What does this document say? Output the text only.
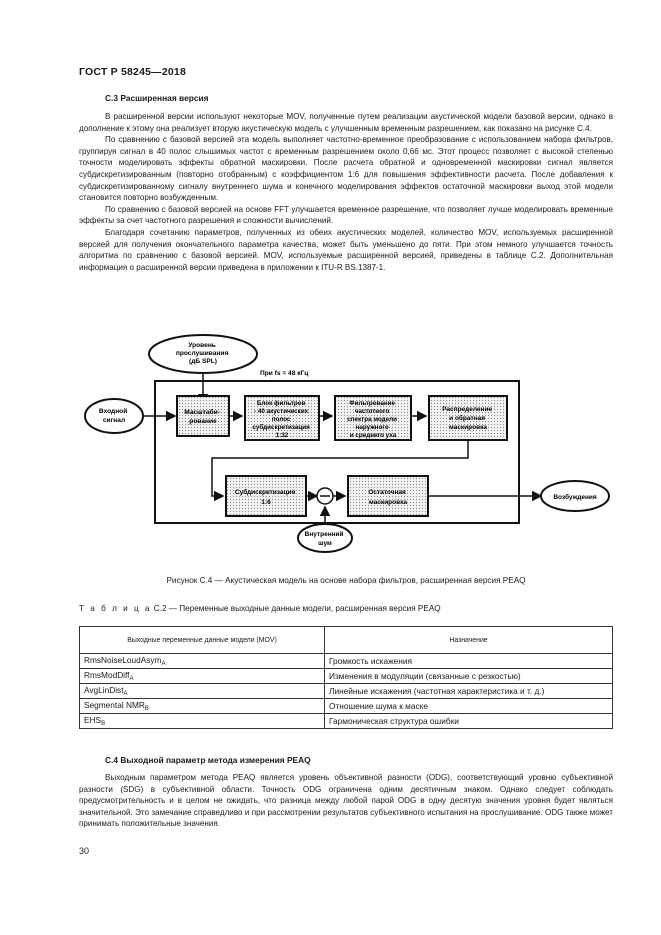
ГОСТ Р 58245—2018
С.3 Расширенная версия

В расширенной версии используют некоторые MOV, полученные путем реализации акустической модели базовой версии, однако в дополнение к этому она реализует вторую акустическую модель с улучшенным временным разрешением, как показано на рисунке С.4.

По сравнению с базовой версией эта модель выполняет частотно-временное преобразование с использованием набора фильтров, группируя сигнал в 40 полос слышимых частот с временным разрешением около 0,66 мс. Этот процесс позволяет с высокой степенью точности моделировать эффекты обратной маскировки. После расчета обратной и одновременной маскировки сигнал является субдискретизированным (повторно отобранным) с коэффициентом 1:6 для повышения эффективности расчета. После добавления к субдискретизированному сигналу внутреннего шума и конечного моделирования эффектов остаточной маскировки выход этой модели становится повторно возбужденным.

По сравнению с базовой версией на основе FFT улучшается временное разрешение, что позволяет лучше моделировать временные эффекты за счет частотного разрешения и сложности вычислений.

Благодаря сочетанию параметров, полученных из обеих акустических моделей, количество MOV, используемых расширенной версией для получения окончательного параметра качества, может быть уменьшено до пяти. При этом немного улучшается точность алгоритма по сравнению с базовой версией. MOV, используемые расширенной версией, приведены в таблице С.2. Дополнительная информация о расширенной версии приведена в приложении к ITU-R BS.1387-1.

Уровень прослушивания (дБ SPL)
При fs = 48 кГц
Входной сигнал
Масштаби- рование
Блок фильтров - 40 акустических полос субдискретизация 1:32
Фильтрование частотного спектра модели наружного и среднего уха
Распределение и обратная маскировка
Субдискретизация 1:6
Остаточная маскировка
Внутренний шум
Возбуждения
Рисунок С.4 — Акустическая модель на основе набора фильтров, расширенная версия PEAQ
Т а б л и ц а С.2 — Переменные выходные данные модели, расширенная версия PEAQ
Выходные переменные данные модели (MOV)	Назначение
RmsNoiseLoudAsym$_A$	Громкость искажения
RmsModDiff$_A$	Изменения в модуляции (связанные с резкостью)
AvgLinDist$_A$	Линейные искажения (частотная характеристика и т. д.)
Segmental $NMR_B$	Отношение шума к маске
$EHS_B$	Гармоническая структура ошибки
С.4 Выходной параметр метода измерения PEAQ

Выходным параметром метода PEAQ является уровень объективной разности (ODG), соответствующий уровню субъективной разности (SDG) в субъективной области. Точность ODG ограничена одним десятичным знаком. Однако следует соблюдать предусмотрительность и в целом не ожидать, что разница между любой парой ODG в одну десятую значения уровня будет являться значительной. Это замечание справедливо и при рассмотрении результатов субъективного испытания на прослушивание. ODG также может принимать положительные значения.

30
